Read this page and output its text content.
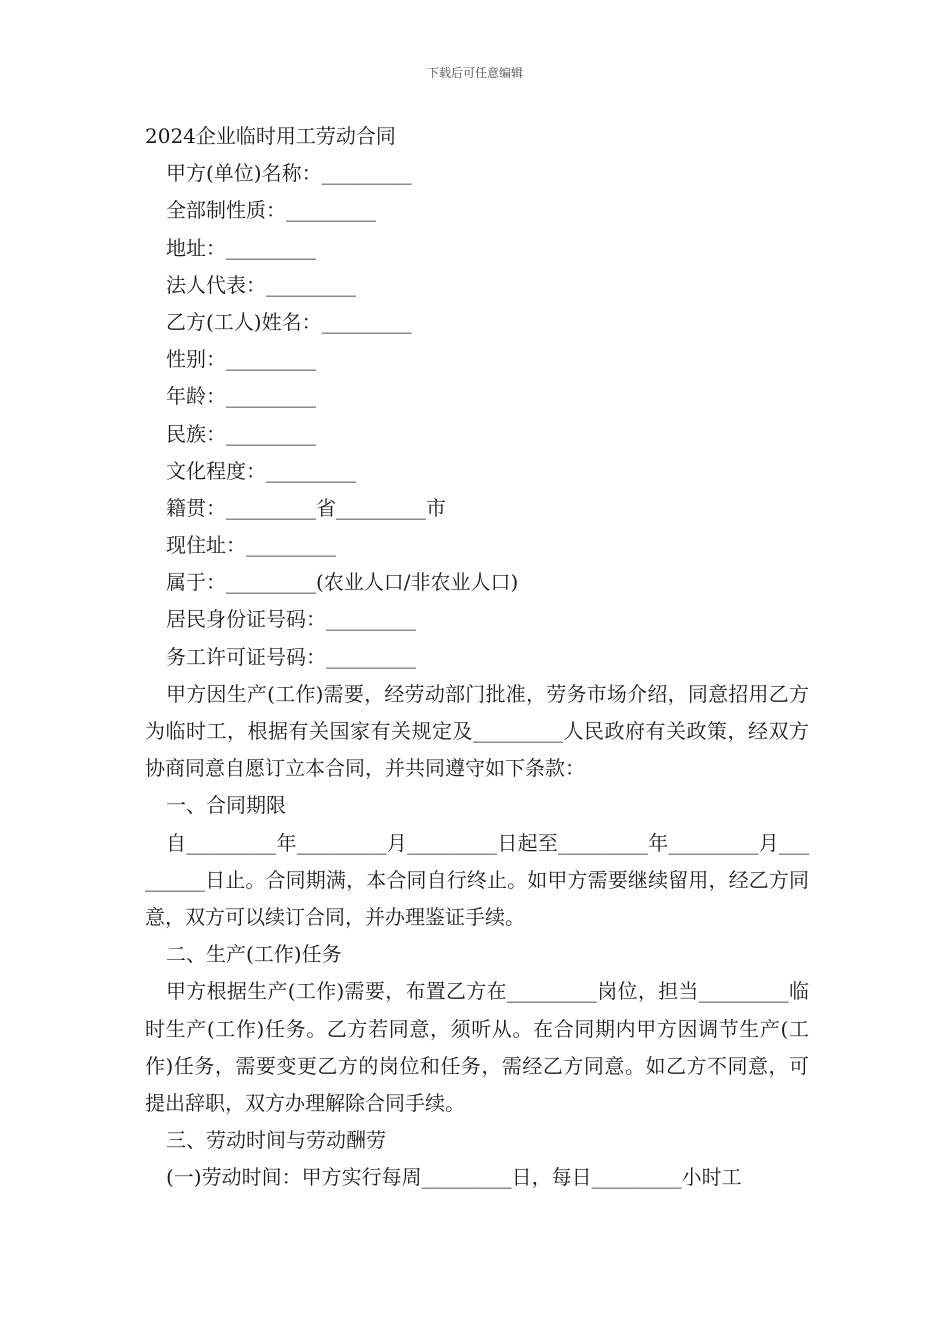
下载后可任意编辑
2024企业临时用工劳动合同
甲方(单位)名称：_________
全部制性质：_________
地址：_________
法人代表：_________
乙方(工人)姓名：_________
性别：_________
年龄：_________
民族：_________
文化程度：_________
籍贯：_________省_________市
现住址：_________
属于：_________(农业人口/非农业人口)
居民身份证号码：_________
务工许可证号码：_________

甲方因生产(工作)需要，经劳动部门批准，劳务市场介绍，同意招用乙方为临时工，根据有关国家有关规定及_________人民政府有关政策，经双方协商同意自愿订立本合同，并共同遵守如下条款：

一、合同期限

自_________年_________月_________日起至_________年_________月_________日止。合同期满，本合同自行终止。如甲方需要继续留用，经乙方同意，双方可以续订合同，并办理鉴证手续。

二、生产(工作)任务

甲方根据生产(工作)需要，布置乙方在_________岗位，担当_________临时生产(工作)任务。乙方若同意，须听从。在合同期内甲方因调节生产(工作)任务，需要变更乙方的岗位和任务，需经乙方同意。如乙方不同意，可提出辞职，双方办理解除合同手续。

三、劳动时间与劳动酬劳
(一)劳动时间：甲方实行每周_________日，每日_________小时工
